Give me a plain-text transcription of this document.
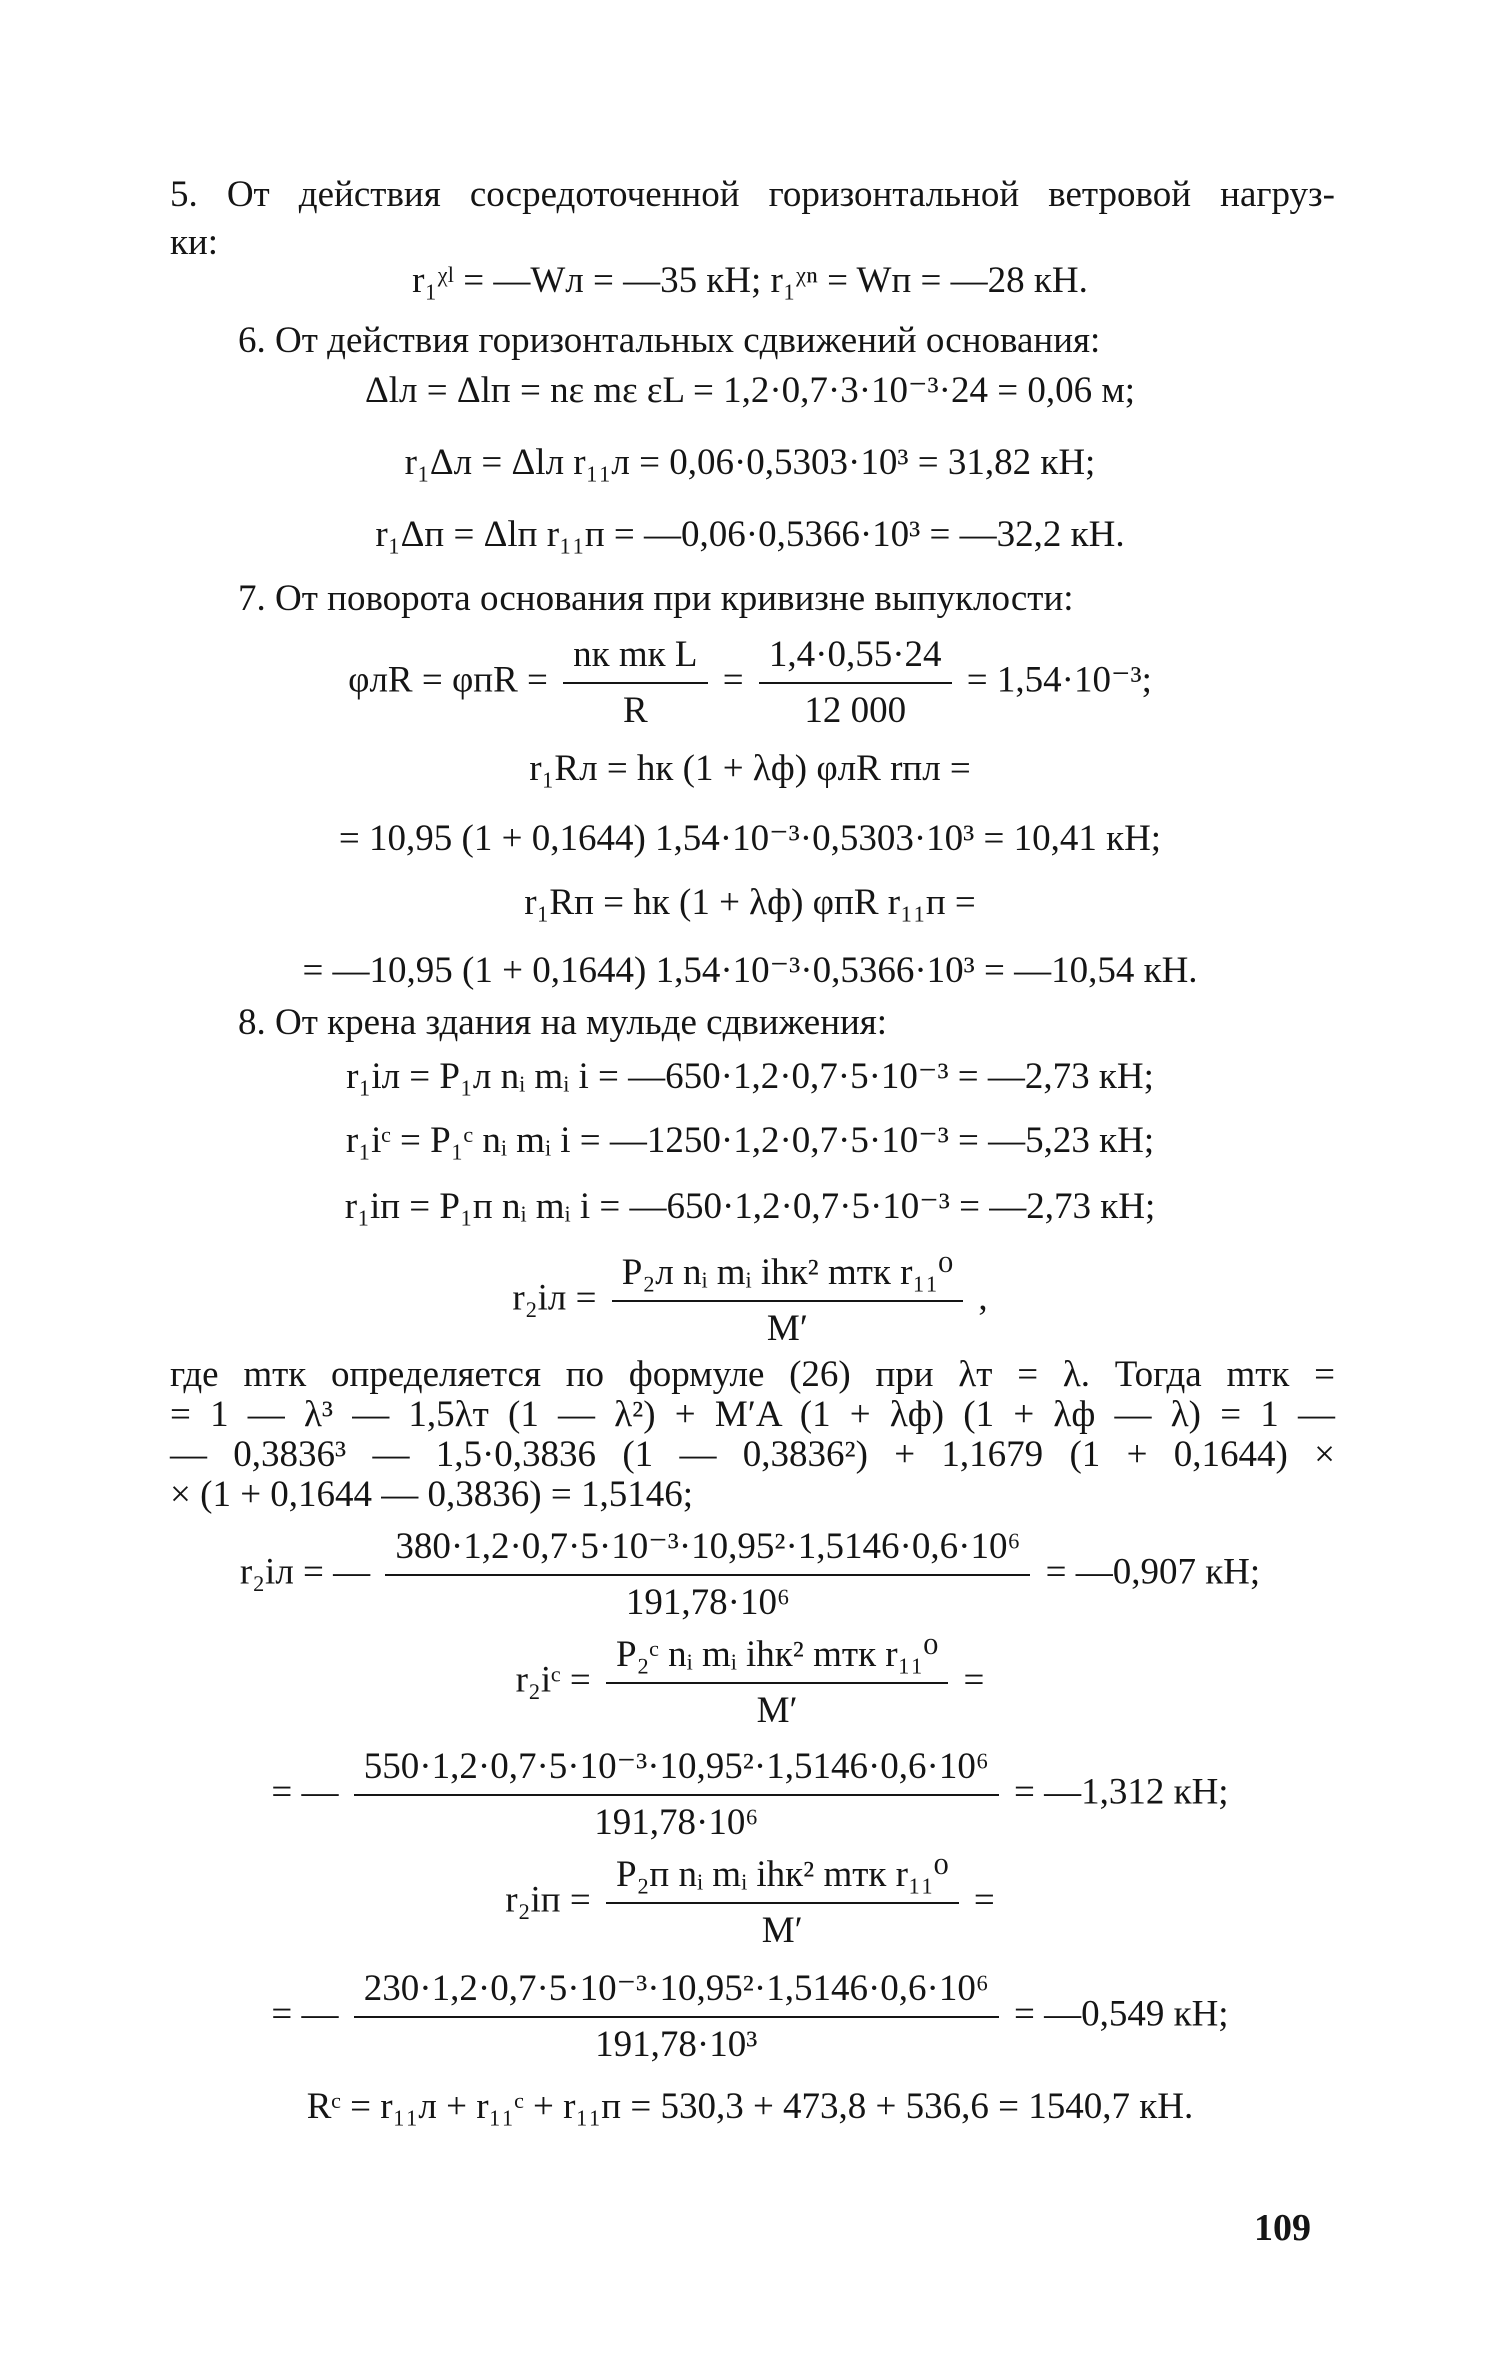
5. От действия сосредоточенной горизонтальной ветровой нагруз-
ки:
r₁ᵡˡ = —Wл = —35 кН; r₁ᵡⁿ = Wп = —28 кН.
6. От действия горизонтальных сдвижений основания:
Δlл = Δlп = nε mε εL = 1,2·0,7·3·10⁻³·24 = 0,06 м;
r₁Δл = Δlл r₁₁л = 0,06·0,5303·10³ = 31,82 кН;
r₁Δп = Δlп r₁₁п = —0,06·0,5366·10³ = —32,2 кН.
7. От поворота основания при кривизне выпуклости:
$\varphi лR = \varphi пR = \frac{\text{nк mк L}}{R} = \frac{1,4\cdot 0,55\cdot 24}{12 000} = 1,54\cdot 10^{-3}$;
r₁Rл = hк (1 + λф) φлR rпл =
= 10,95 (1 + 0,1644) 1,54·10⁻³·0,5303·10³ = 10,41 кН;
r₁Rп = hк (1 + λф) φпR r₁₁п =
= —10,95 (1 + 0,1644) 1,54·10⁻³·0,5366·10³ = —10,54 кН.
8. От крена здания на мульде сдвижения:
r₁iл = P₁л nᵢ mᵢ i = —650·1,2·0,7·5·10⁻³ = —2,73 кН;
r₁iᶜ = P₁ᶜ nᵢ mᵢ i = —1250·1,2·0,7·5·10⁻³ = —5,23 кН;
r₁iп = P₁п nᵢ mᵢ i = —650·1,2·0,7·5·10⁻³ = —2,73 кН;
$r_2iл = \frac{\text{P₂л nᵢ mᵢ ihк² mтк r₁₁⁰}}{M'}$ ,
где mтк определяется по формуле (26) при λт = λ. Тогда mтк =
= 1 — λ³ — 1,5λт (1 — λ²) + M′A (1 + λф) (1 + λф — λ) = 1 —
— 0,3836³ — 1,5·0,3836 (1 — 0,3836²) + 1,1679 (1 + 0,1644) ×
× (1 + 0,1644 — 0,3836) = 1,5146;
r₂iл = — $\frac{\text{380·1,2·0,7·5·10⁻³·10,95²·1,5146·0,6·10⁶}}{\text{191,78·10⁶}}$ = —0,907 кН;
r₂iᶜ = $\frac{\text{P₂ᶜ nᵢ mᵢ ihк² mтк r₁₁⁰}}{M'}$ =
= — $\frac{\text{550·1,2·0,7·5·10⁻³·10,95²·1,5146·0,6·10⁶}}{\text{191,78·10⁶}}$ = —1,312 кН;
$r_2iп = \frac{\text{P₂п nᵢ mᵢ ihк² mтк r₁₁⁰}}{M'}$ =
= — $\frac{\text{230·1,2·0,7·5·10⁻³·10,95²·1,5146·0,6·10⁶}}{\text{191,78·10³}}$ = —0,549 кН;
Rᶜ = r₁₁л + r₁₁ᶜ + r₁₁п = 530,3 + 473,8 + 536,6 = 1540,7 кН.
109
